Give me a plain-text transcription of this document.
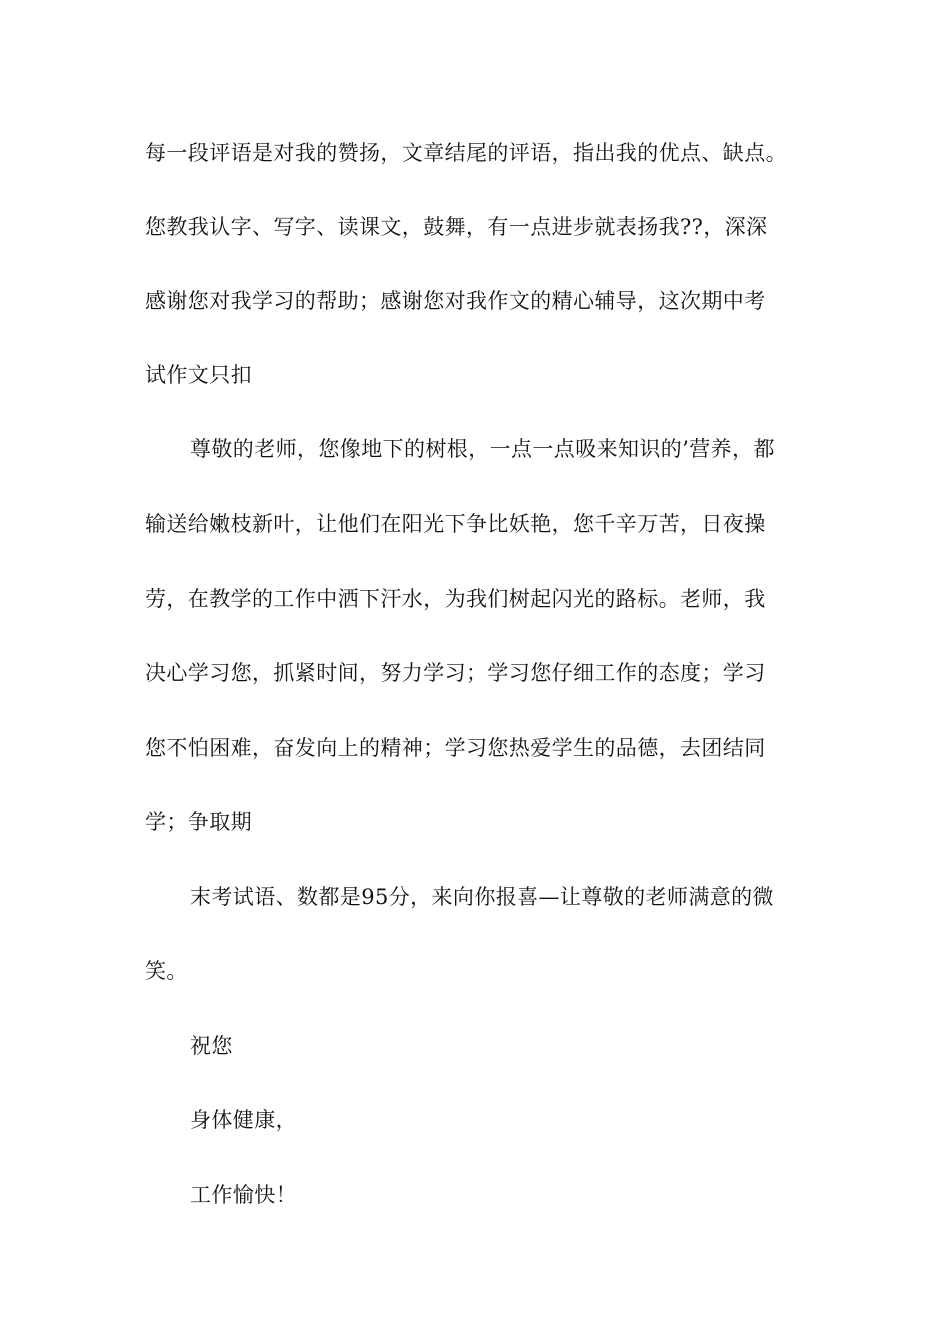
每一段评语是对我的赞扬，文章结尾的评语，指出我的优点、缺点。
您教我认字、写字、读课文，鼓舞，有一点进步就表扬我??，深深
感谢您对我学习的帮助；感谢您对我作文的精心辅导，这次期中考
试作文只扣
尊敬的老师，您像地下的树根，一点一点吸来知识的’营养，都
输送给嫩枝新叶，让他们在阳光下争比妖艳，您千辛万苦，日夜操
劳，在教学的工作中洒下汗水，为我们树起闪光的路标。老师，我
决心学习您，抓紧时间，努力学习；学习您仔细工作的态度；学习
您不怕困难，奋发向上的精神；学习您热爱学生的品德，去团结同
学；争取期
末考试语、数都是95分，来向你报喜—让尊敬的老师满意的微
笑。
祝您
身体健康，
工作愉快！
